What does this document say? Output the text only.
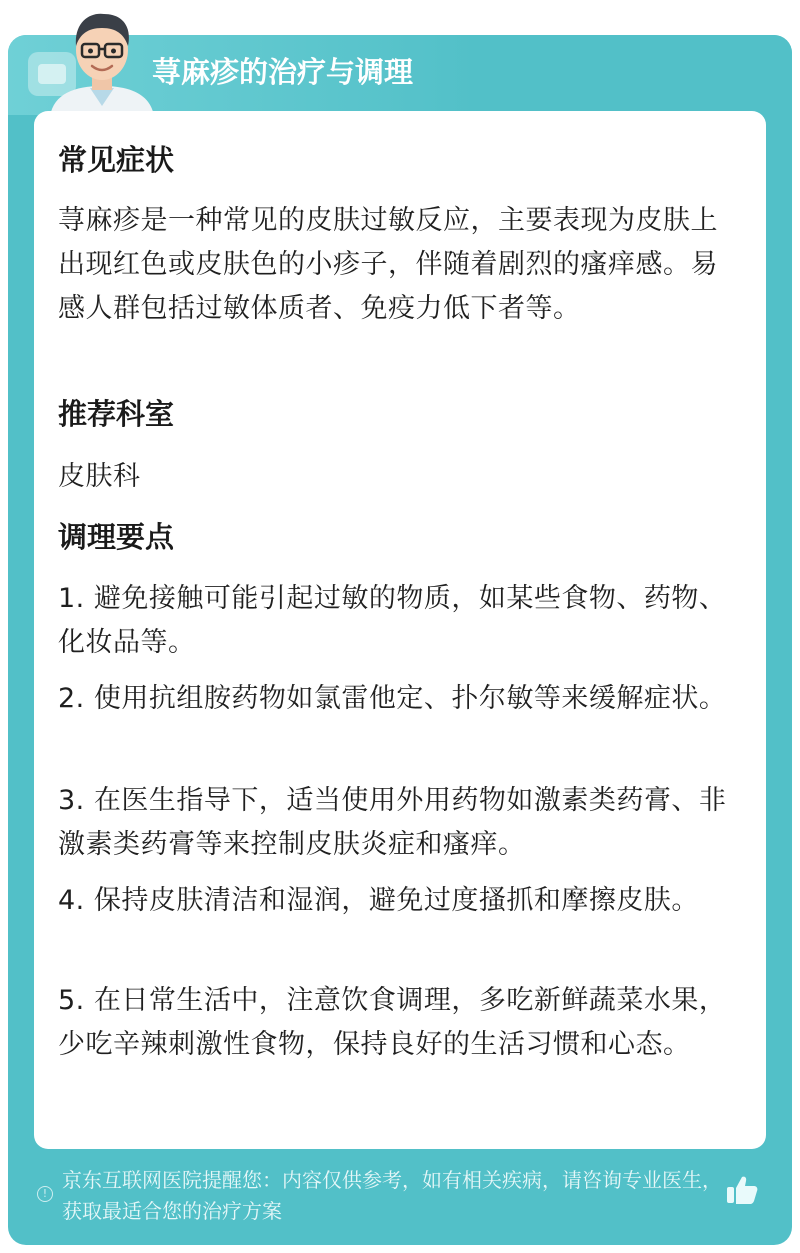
荨麻疹的治疗与调理
常见症状
荨麻疹是一种常见的皮肤过敏反应，主要表现为皮肤上出现红色或皮肤色的小疹子，伴随着剧烈的瘙痒感。易感人群包括过敏体质者、免疫力低下者等。
推荐科室
皮肤科
调理要点
1. 避免接触可能引起过敏的物质，如某些食物、药物、化妆品等。
2. 使用抗组胺药物如氯雷他定、扑尔敏等来缓解症状。
3. 在医生指导下，适当使用外用药物如激素类药膏、非激素类药膏等来控制皮肤炎症和瘙痒。
4. 保持皮肤清洁和湿润，避免过度搔抓和摩擦皮肤。
5. 在日常生活中，注意饮食调理，多吃新鲜蔬菜水果，少吃辛辣刺激性食物，保持良好的生活习惯和心态。
!
京东互联网医院提醒您：内容仅供参考，如有相关疾病，请咨询专业医生，获取最适合您的治疗方案
